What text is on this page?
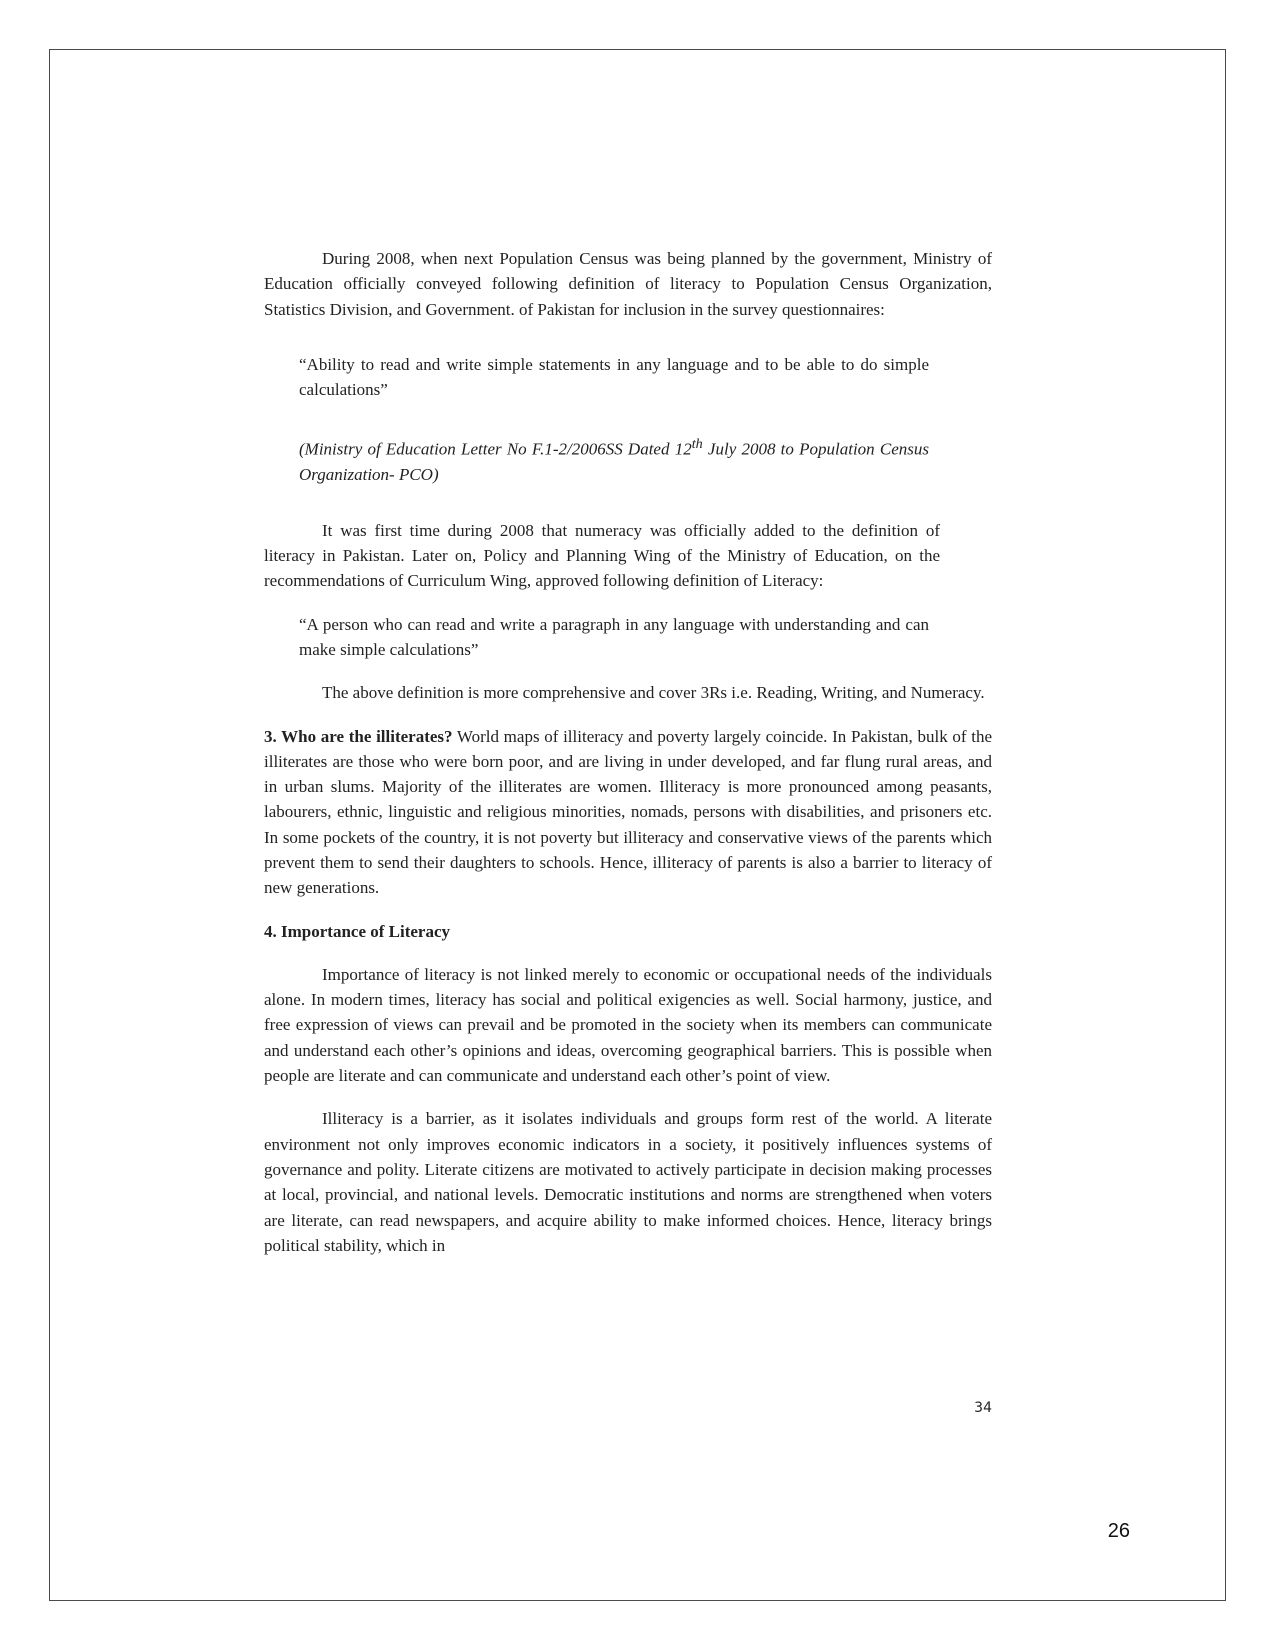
During 2008, when next Population Census was being planned by the government, Ministry of Education officially conveyed following definition of literacy to Population Census Organization, Statistics Division, and Government. of Pakistan for inclusion in the survey questionnaires:

“Ability to read and write simple statements in any language and to be able to do simple calculations”

(Ministry of Education Letter No F.1-2/2006SS Dated 12th July 2008 to Population Census Organization- PCO)

It was first time during 2008 that numeracy was officially added to the definition of literacy in Pakistan. Later on, Policy and Planning Wing of the Ministry of Education, on the recommendations of Curriculum Wing, approved following definition of Literacy:

“A person who can read and write a paragraph in any language with understanding and can make simple calculations”

The above definition is more comprehensive and cover 3Rs i.e. Reading, Writing, and Numeracy.

3. Who are the illiterates? World maps of illiteracy and poverty largely coincide. In Pakistan, bulk of the illiterates are those who were born poor, and are living in under developed, and far flung rural areas, and in urban slums. Majority of the illiterates are women. Illiteracy is more pronounced among peasants, labourers, ethnic, linguistic and religious minorities, nomads, persons with disabilities, and prisoners etc. In some pockets of the country, it is not poverty but illiteracy and conservative views of the parents which prevent them to send their daughters to schools. Hence, illiteracy of parents is also a barrier to literacy of new generations.

4. Importance of Literacy

Importance of literacy is not linked merely to economic or occupational needs of the individuals alone. In modern times, literacy has social and political exigencies as well. Social harmony, justice, and free expression of views can prevail and be promoted in the society when its members can communicate and understand each other’s opinions and ideas, overcoming geographical barriers. This is possible when people are literate and can communicate and understand each other’s point of view.

Illiteracy is a barrier, as it isolates individuals and groups form rest of the world. A literate environment not only improves economic indicators in a society, it positively influences systems of governance and polity. Literate citizens are motivated to actively participate in decision making processes at local, provincial, and national levels. Democratic institutions and norms are strengthened when voters are literate, can read newspapers, and acquire ability to make informed choices. Hence, literacy brings political stability, which in

34
26
